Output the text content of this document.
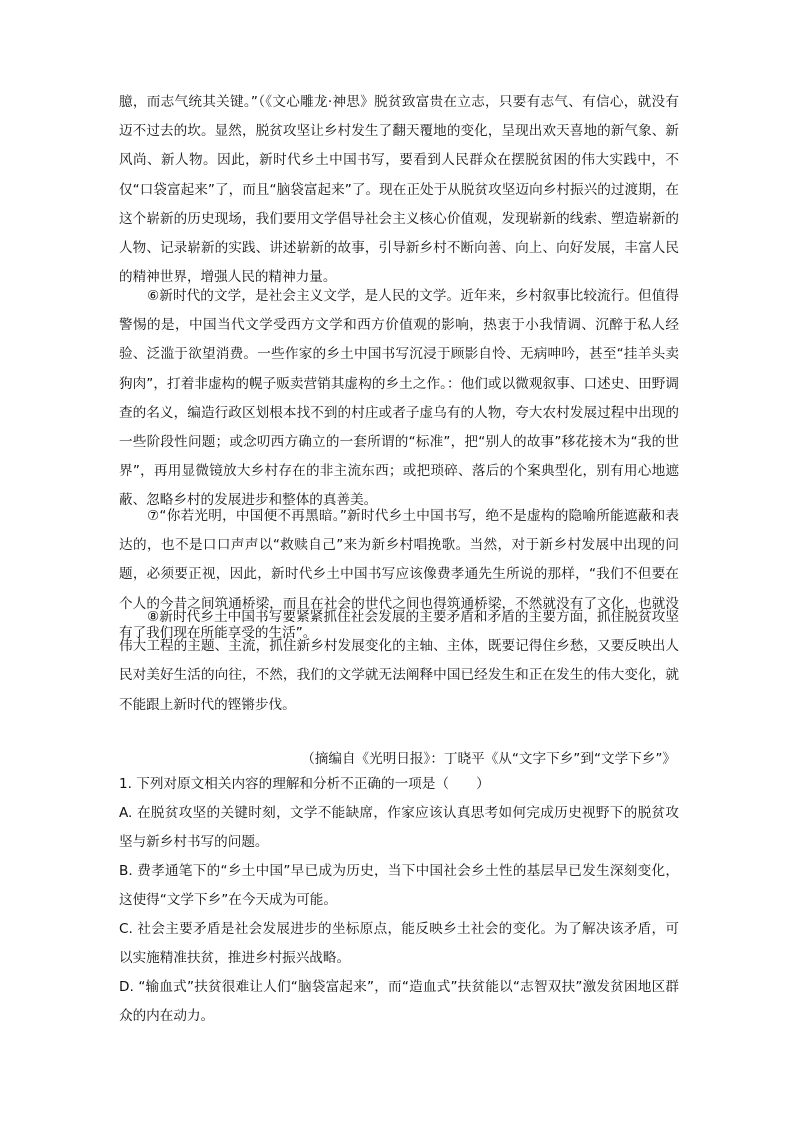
臆，而志气统其关键。”（《文心雕龙·神思》脱贫致富贵在立志，只要有志气、有信心，就没有迈不过去的坎。显然，脱贫攻坚让乡村发生了翻天覆地的变化，呈现出欢天喜地的新气象、新风尚、新人物。因此，新时代乡土中国书写，要看到人民群众在摆脱贫困的伟大实践中，不仅“口袋富起来”了，而且“脑袋富起来”了。现在正处于从脱贫攻坚迈向乡村振兴的过渡期，在这个崭新的历史现场，我们要用文学倡导社会主义核心价值观，发现崭新的线索、塑造崭新的人物、记录崭新的实践、讲述崭新的故事，引导新乡村不断向善、向上、向好发展，丰富人民的精神世界，增强人民的精神力量。

⑥新时代的文学，是社会主义文学，是人民的文学。近年来，乡村叙事比较流行。但值得警惕的是，中国当代文学受西方文学和西方价值观的影响，热衷于小我情调、沉醉于私人经验、泛滥于欲望消费。一些作家的乡土中国书写沉浸于顾影自怜、无病呻吟，甚至“挂羊头卖狗肉”，打着非虚构的幌子贩卖营销其虚构的乡土之作。：他们或以微观叙事、口述史、田野调查的名义，编造行政区划根本找不到的村庄或者子虚乌有的人物，夸大农村发展过程中出现的一些阶段性问题；或念叨西方确立的一套所谓的“标准”，把“别人的故事”移花接木为“我的世界”，再用显微镜放大乡村存在的非主流东西；或把琐碎、落后的个案典型化，别有用心地遮蔽、忽略乡村的发展进步和整体的真善美。

⑦“你若光明，中国便不再黑暗。”新时代乡土中国书写，绝不是虚构的隐喻所能遮蔽和表达的，也不是口口声声以“救赎自己”来为新乡村唱挽歌。当然，对于新乡村发展中出现的问题，必须要正视，因此，新时代乡土中国书写应该像费孝通先生所说的那样，“我们不但要在个人的今昔之间筑通桥梁，而且在社会的世代之间也得筑通桥梁，不然就没有了文化，也就没有了我们现在所能享受的生活”。

⑧新时代乡土中国书写要紧紧抓住社会发展的主要矛盾和矛盾的主要方面，抓住脱贫攻坚伟大工程的主题、主流，抓住新乡村发展变化的主轴、主体，既要记得住乡愁，又要反映出人民对美好生活的向往，不然，我们的文学就无法阐释中国已经发生和正在发生的伟大变化，就不能跟上新时代的铿锵步伐。

（摘编自《光明日报》：丁晓平《从“文字下乡”到“文学下乡”》

1. 下列对原文相关内容的理解和分析不正确的一项是（　　）

A. 在脱贫攻坚的关键时刻，文学不能缺席，作家应该认真思考如何完成历史视野下的脱贫攻坚与新乡村书写的问题。

B. 费孝通笔下的“乡土中国”早已成为历史，当下中国社会乡土性的基层早已发生深刻变化，这使得“文学下乡”在今天成为可能。

C. 社会主要矛盾是社会发展进步的坐标原点，能反映乡土社会的变化。为了解决该矛盾，可以实施精准扶贫，推进乡村振兴战略。

D. “输血式”扶贫很难让人们“脑袋富起来”，而“造血式”扶贫能以“志智双扶”激发贫困地区群众的内在动力。
